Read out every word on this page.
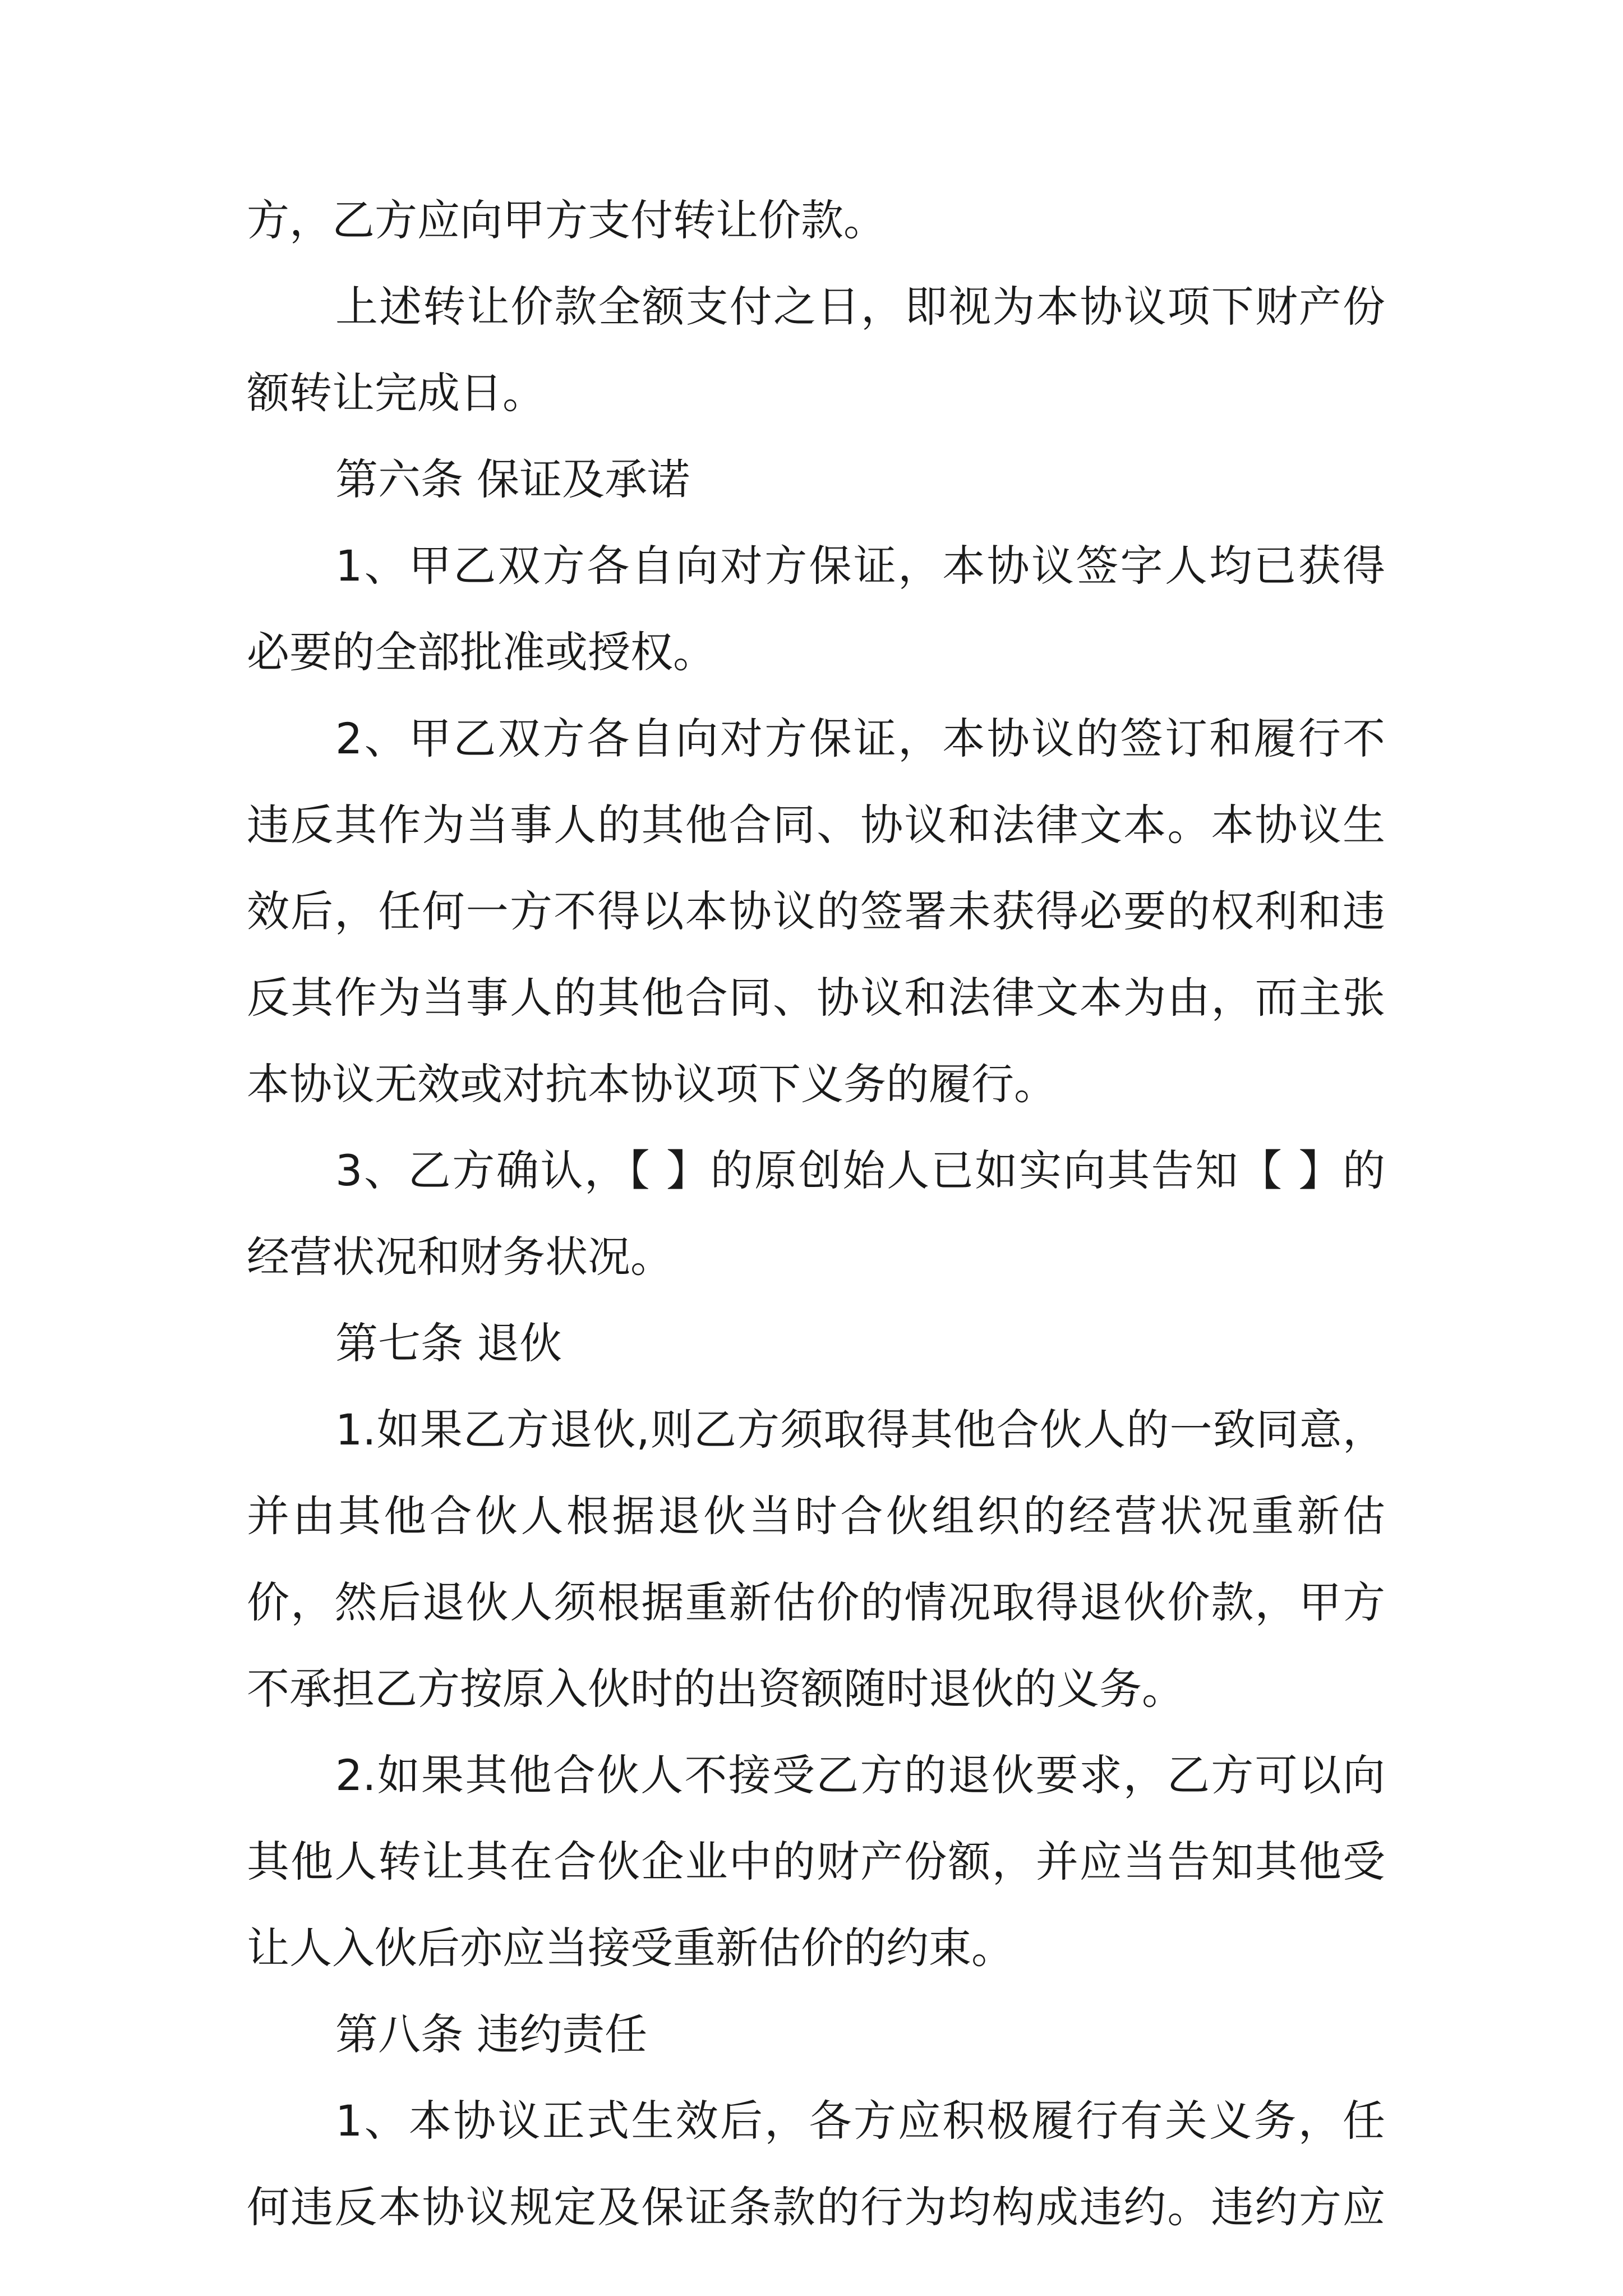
方，乙方应向甲方支付转让价款。
上述转让价款全额支付之日，即视为本协议项下财产份
额转让完成日。
第六条 保证及承诺
1、甲乙双方各自向对方保证，本协议签字人均已获得
必要的全部批准或授权。
2、甲乙双方各自向对方保证，本协议的签订和履行不
违反其作为当事人的其他合同、协议和法律文本。本协议生
效后，任何一方不得以本协议的签署未获得必要的权利和违
反其作为当事人的其他合同、协议和法律文本为由，而主张
本协议无效或对抗本协议项下义务的履行。
3、乙方确认，【 】的原创始人已如实向其告知【 】的
经营状况和财务状况。
第七条 退伙
1.如果乙方退伙,则乙方须取得其他合伙人的一致同意，
并由其他合伙人根据退伙当时合伙组织的经营状况重新估
价，然后退伙人须根据重新估价的情况取得退伙价款，甲方
不承担乙方按原入伙时的出资额随时退伙的义务。
2.如果其他合伙人不接受乙方的退伙要求，乙方可以向
其他人转让其在合伙企业中的财产份额，并应当告知其他受
让人入伙后亦应当接受重新估价的约束。
第八条 违约责任
1、本协议正式生效后，各方应积极履行有关义务，任
何违反本协议规定及保证条款的行为均构成违约。违约方应
